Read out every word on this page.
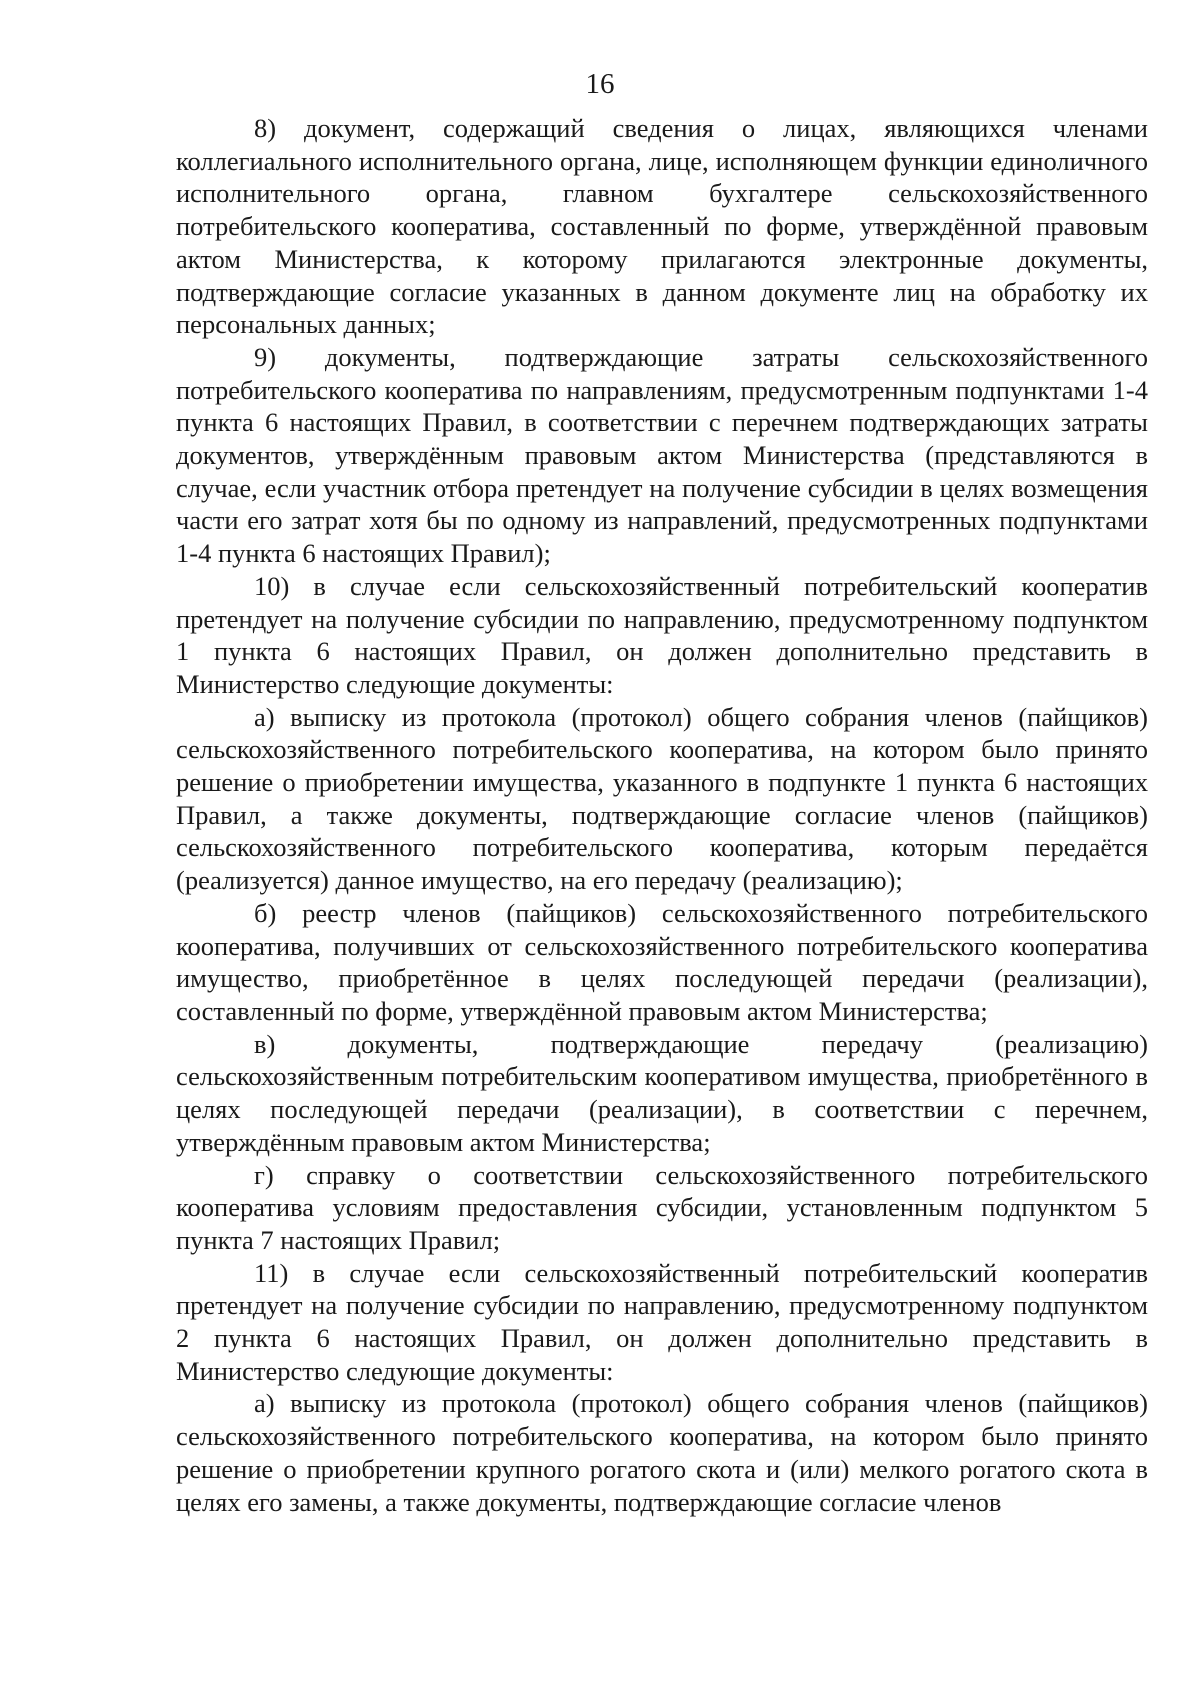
16

8) документ, содержащий сведения о лицах, являющихся членами коллегиального исполнительного органа, лице, исполняющем функции единоличного исполнительного органа, главном бухгалтере сельскохозяйственного потребительского кооператива, составленный по форме, утверждённой правовым актом Министерства, к которому прилагаются электронные документы, подтверждающие согласие указанных в данном документе лиц на обработку их персональных данных;

9) документы, подтверждающие затраты сельскохозяйственного потребительского кооператива по направлениям, предусмотренным подпунктами 1-4 пункта 6 настоящих Правил, в соответствии с перечнем подтверждающих затраты документов, утверждённым правовым актом Министерства (представляются в случае, если участник отбора претендует на получение субсидии в целях возмещения части его затрат хотя бы по одному из направлений, предусмотренных подпунктами 1-4 пункта 6 настоящих Правил);

10) в случае если сельскохозяйственный потребительский кооператив претендует на получение субсидии по направлению, предусмотренному подпунктом 1 пункта 6 настоящих Правил, он должен дополнительно представить в Министерство следующие документы:

а) выписку из протокола (протокол) общего собрания членов (пайщиков) сельскохозяйственного потребительского кооператива, на котором было принято решение о приобретении имущества, указанного в подпункте 1 пункта 6 настоящих Правил, а также документы, подтверждающие согласие членов (пайщиков) сельскохозяйственного потребительского кооператива, которым передаётся (реализуется) данное имущество, на его передачу (реализацию);

б) реестр членов (пайщиков) сельскохозяйственного потребительского кооператива, получивших от сельскохозяйственного потребительского кооператива имущество, приобретённое в целях последующей передачи (реализации), составленный по форме, утверждённой правовым актом Министерства;

в) документы, подтверждающие передачу (реализацию) сельскохозяйственным потребительским кооперативом имущества, приобретённого в целях последующей передачи (реализации), в соответствии с перечнем, утверждённым правовым актом Министерства;

г) справку о соответствии сельскохозяйственного потребительского кооператива условиям предоставления субсидии, установленным подпунктом 5 пункта 7 настоящих Правил;

11) в случае если сельскохозяйственный потребительский кооператив претендует на получение субсидии по направлению, предусмотренному подпунктом 2 пункта 6 настоящих Правил, он должен дополнительно представить в Министерство следующие документы:

а) выписку из протокола (протокол) общего собрания членов (пайщиков) сельскохозяйственного потребительского кооператива, на котором было принято решение о приобретении крупного рогатого скота и (или) мелкого рогатого скота в целях его замены, а также документы, подтверждающие согласие членов
